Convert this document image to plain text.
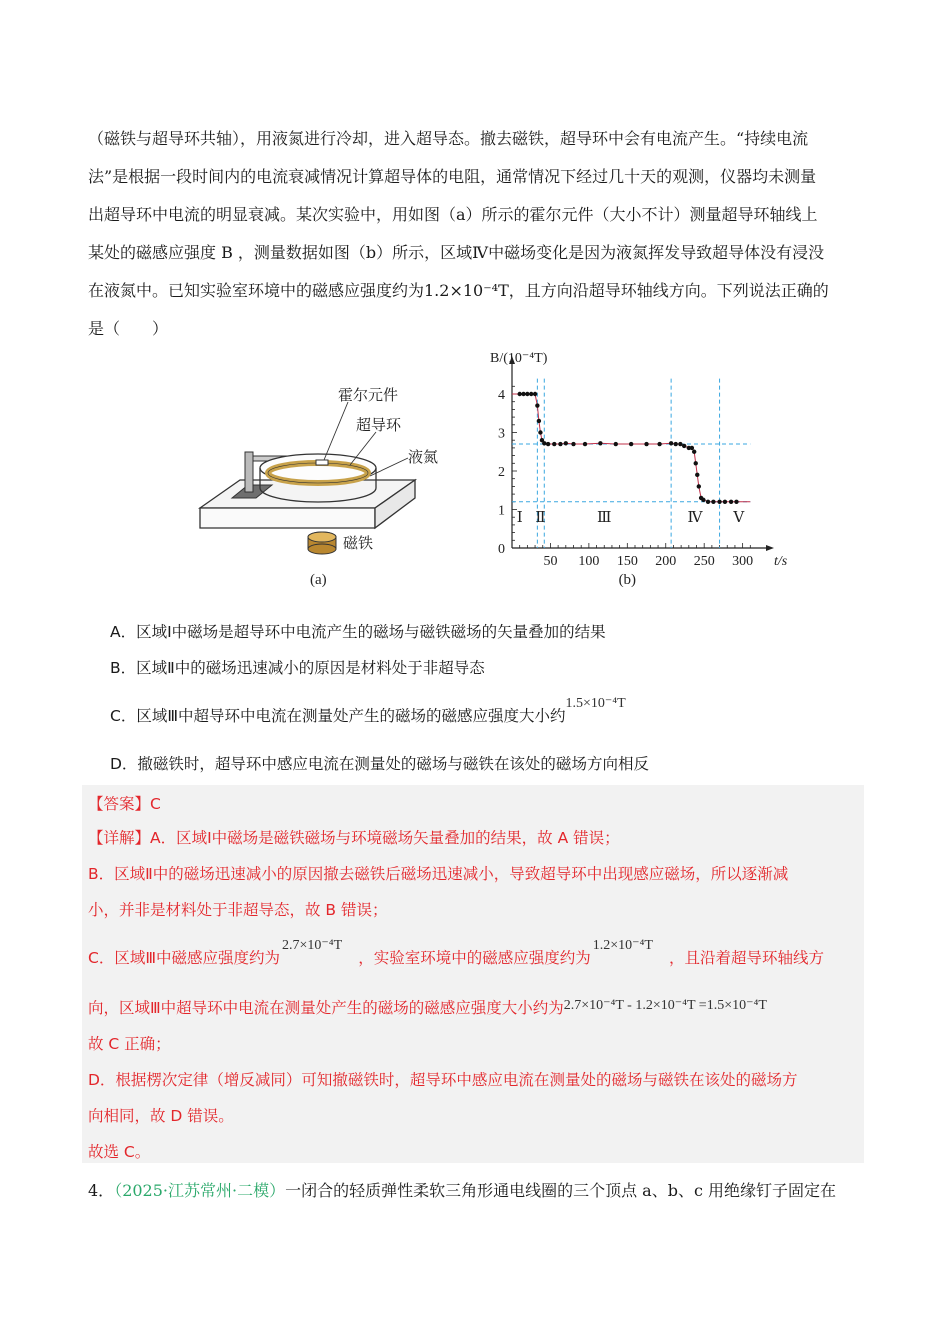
（磁铁与超导环共轴），用液氮进行冷却，进入超导态。撤去磁铁，超导环中会有电流产生。“持续电流
法”是根据一段时间内的电流衰减情况计算超导体的电阻，通常情况下经过几十天的观测，仪器均未测量
出超导环中电流的明显衰减。某次实验中，用如图（a）所示的霍尔元件（大小不计）测量超导环轴线上
某处的磁感应强度 B ，测量数据如图（b）所示，区域Ⅳ中磁场变化是因为液氮挥发导致超导体没有浸没
在液氮中。已知实验室环境中的磁感应强度约为1.2×10⁻⁴T，且方向沿超导环轴线方向。下列说法正确的
是（　　）
霍尔元件
超导环
液氮
磁铁
(a)
50 100 150 200 250 300
0
1
2
3
4
t/s
B/(10⁻⁴T)
(b)
Ⅰ Ⅱ	Ⅲ	Ⅳ Ⅴ
A．区域Ⅰ中磁场是超导环中电流产生的磁场与磁铁磁场的矢量叠加的结果
B．区域Ⅱ中的磁场迅速减小的原因是材料处于非超导态
C．区域Ⅲ中超导环中电流在测量处产生的磁场的磁感应强度大小约1.5×10⁻⁴T
D．撤磁铁时，超导环中感应电流在测量处的磁场与磁铁在该处的磁场方向相反
【答案】C
【详解】A．区域Ⅰ中磁场是磁铁磁场与环境磁场矢量叠加的结果，故 A 错误；
B．区域Ⅱ中的磁场迅速减小的原因撤去磁铁后磁场迅速减小，导致超导环中出现感应磁场，所以逐渐减
小，并非是材料处于非超导态，故 B 错误；
C．区域Ⅲ中磁感应强度约为2.7×10⁻⁴T，实验室环境中的磁感应强度约为1.2×10⁻⁴T，且沿着超导环轴线方
向，区域Ⅲ中超导环中电流在测量处产生的磁场的磁感应强度大小约为2.7×10⁻⁴T - 1.2×10⁻⁴T =1.5×10⁻⁴T
故 C 正确；
D．根据楞次定律（增反减同）可知撤磁铁时，超导环中感应电流在测量处的磁场与磁铁在该处的磁场方
向相同，故 D 错误。
故选 C。
4．（2025·江苏常州·二模）一闭合的轻质弹性柔软三角形通电线圈的三个顶点 a、b、c 用绝缘钉子固定在
